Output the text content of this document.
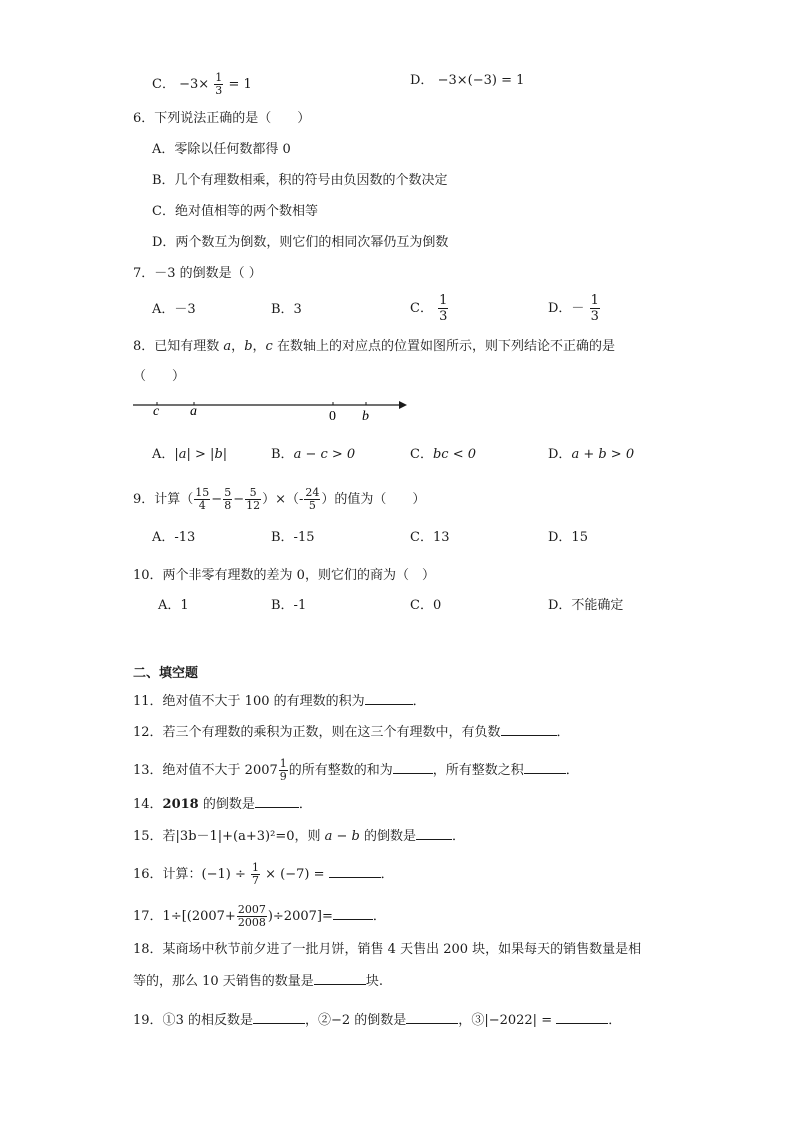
C． $-3\times \frac{1}{3} = 1$	D． −3×(−3) = 1
6．下列说法正确的是（　　）
A．零除以任何数都得 0
B．几个有理数相乘，积的符号由负因数的个数决定
C．绝对值相等的两个数相等
D．两个数互为倒数，则它们的相同次幂仍互为倒数
7．－3 的倒数是（ ）
A．－3	B．3	C． $\frac{1}{3}$	D．－ $\frac{1}{3}$
8．已知有理数 a，b，c 在数轴上的对应点的位置如图所示，则下列结论不正确的是
（　　）
c a	0 b
A．|a| > |b|	B．a − c > 0	C．bc < 0	D．a + b > 0
9．计算（ $\frac{15}{4} - \frac{5}{8} - \frac{5}{12}$ ）×（- $\frac{24}{5}$ ）的值为（　　）
A．-13	B．-15	C．13	D．15
10．两个非零有理数的差为 0，则它们的商为（　）
A．1	B．-1	C．0	D．不能确定
二、填空题
11．绝对值不大于 100 的有理数的积为	．
12．若三个有理数的乘积为正数，则在这三个有理数中，有负数	．
13．绝对值不大于 $2007 \frac{1}{9}$ 的所有整数的和为	，所有整数之积	．
14．2018 的倒数是	．
15．若|3b－1|+(a+3)²=0，则 a − b 的倒数是	．
16．计算：$(-1) \div \frac{1}{7} \times (-7)$ =	．
17．$1\div[(2007+ \frac{2007}{2008} )\div 2007]=$	．
18．某商场中秋节前夕进了一批月饼，销售 4 天售出 200 块，如果每天的销售数量是相
等的，那么 10 天销售的数量是	块.
19．①3 的相反数是	，②−2 的倒数是	，③|−2022| =	．
